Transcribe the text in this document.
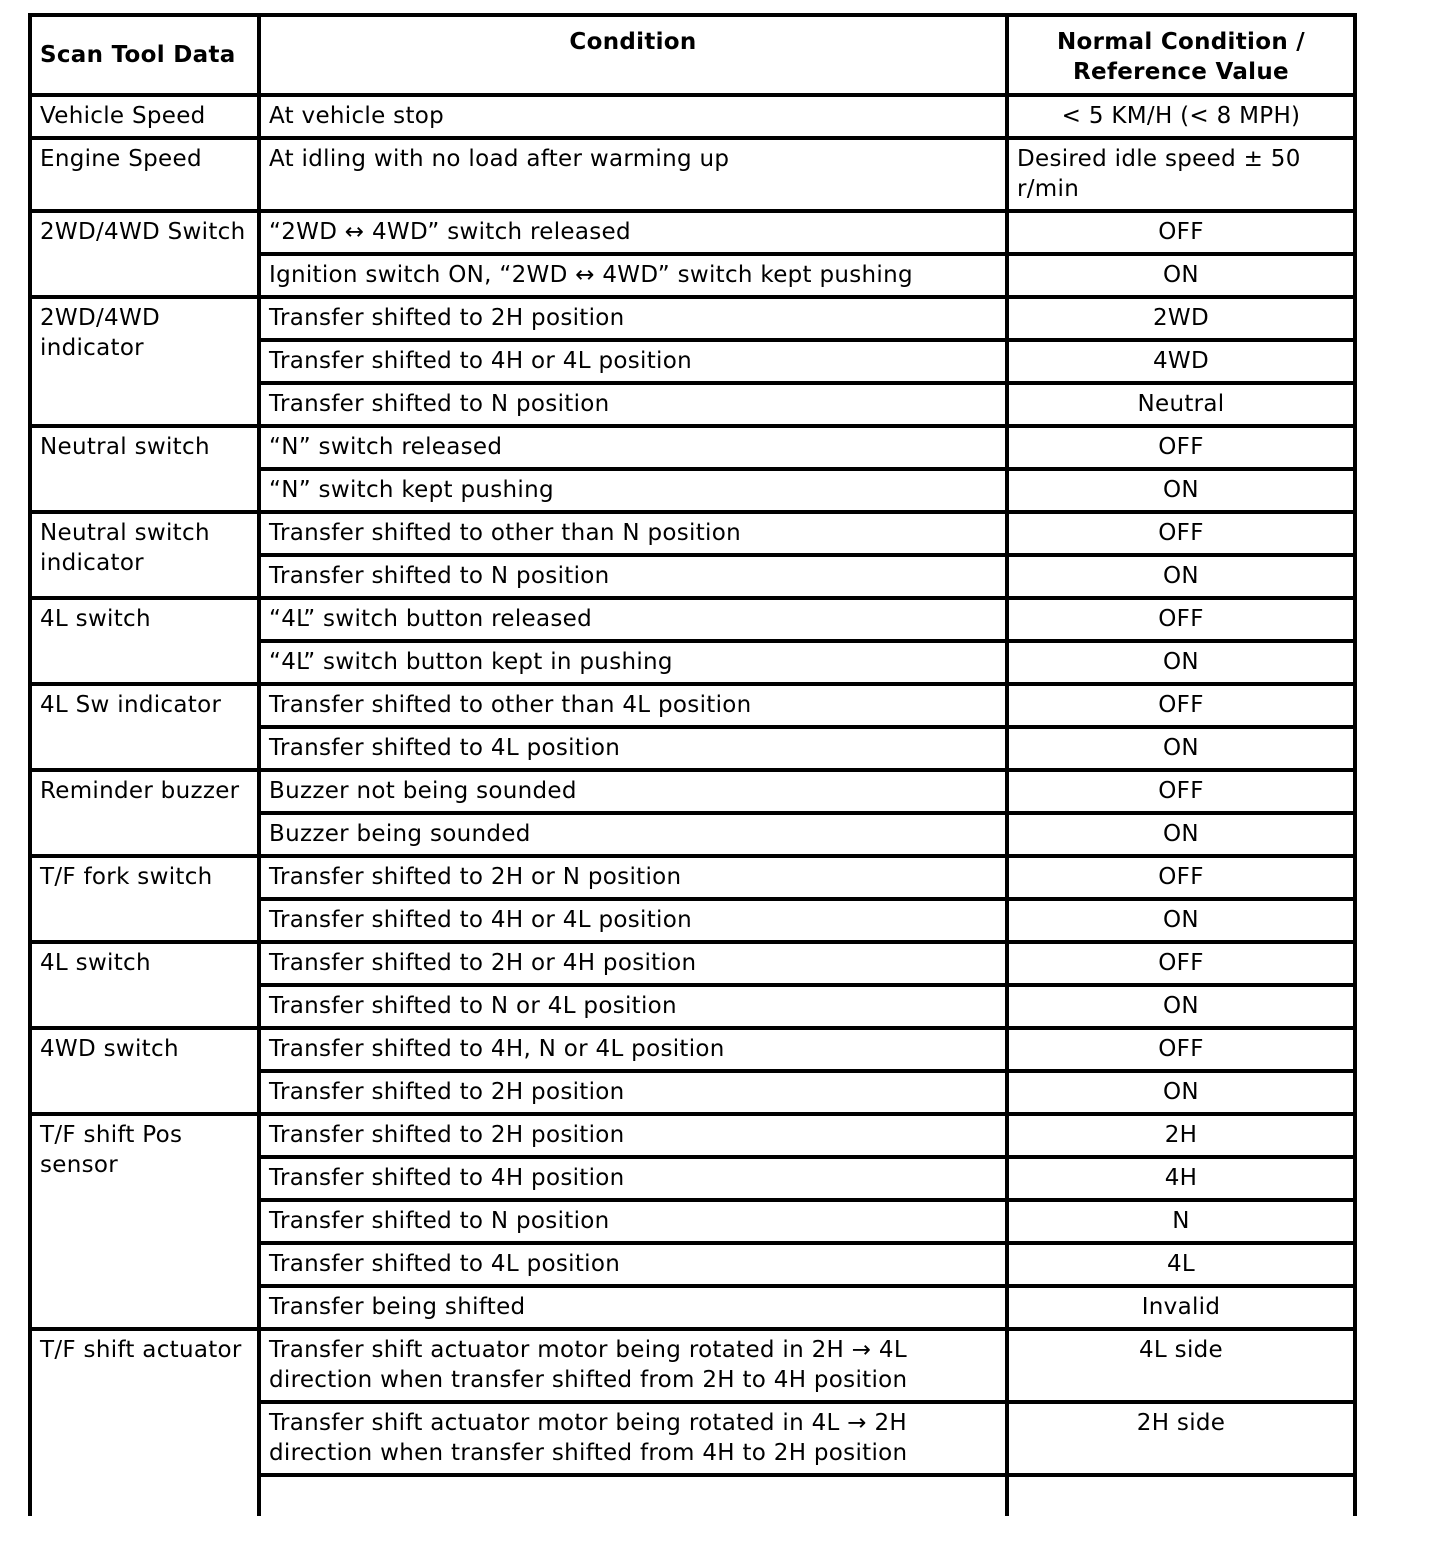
Scan Tool Data	Condition	Normal Condition / Reference Value
Vehicle Speed	At vehicle stop	< 5 KM/H (< 8 MPH)
Engine Speed	At idling with no load after warming up	Desired idle speed ± 50 r/min
2WD/4WD Switch	“2WD ↔ 4WD” switch released	OFF
	Ignition switch ON, “2WD ↔ 4WD” switch kept pushing	ON
2WD/4WD indicator	Transfer shifted to 2H position	2WD
	Transfer shifted to 4H or 4L position	4WD
	Transfer shifted to N position	Neutral
Neutral switch	“N” switch released	OFF
	“N” switch kept pushing	ON
Neutral switch indicator	Transfer shifted to other than N position	OFF
	Transfer shifted to N position	ON
4L switch	“4L” switch button released	OFF
	“4L” switch button kept in pushing	ON
4L Sw indicator	Transfer shifted to other than 4L position	OFF
	Transfer shifted to 4L position	ON
Reminder buzzer	Buzzer not being sounded	OFF
	Buzzer being sounded	ON
T/F fork switch	Transfer shifted to 2H or N position	OFF
	Transfer shifted to 4H or 4L position	ON
4L switch	Transfer shifted to 2H or 4H position	OFF
	Transfer shifted to N or 4L position	ON
4WD switch	Transfer shifted to 4H, N or 4L position	OFF
	Transfer shifted to 2H position	ON
T/F shift Pos sensor	Transfer shifted to 2H position	2H
	Transfer shifted to 4H position	4H
	Transfer shifted to N position	N
	Transfer shifted to 4L position	4L
	Transfer being shifted	Invalid
T/F shift actuator	Transfer shift actuator motor being rotated in 2H → 4L direction when transfer shifted from 2H to 4H position	4L side
	Transfer shift actuator motor being rotated in 4L → 2H direction when transfer shifted from 4H to 2H position	2H side
